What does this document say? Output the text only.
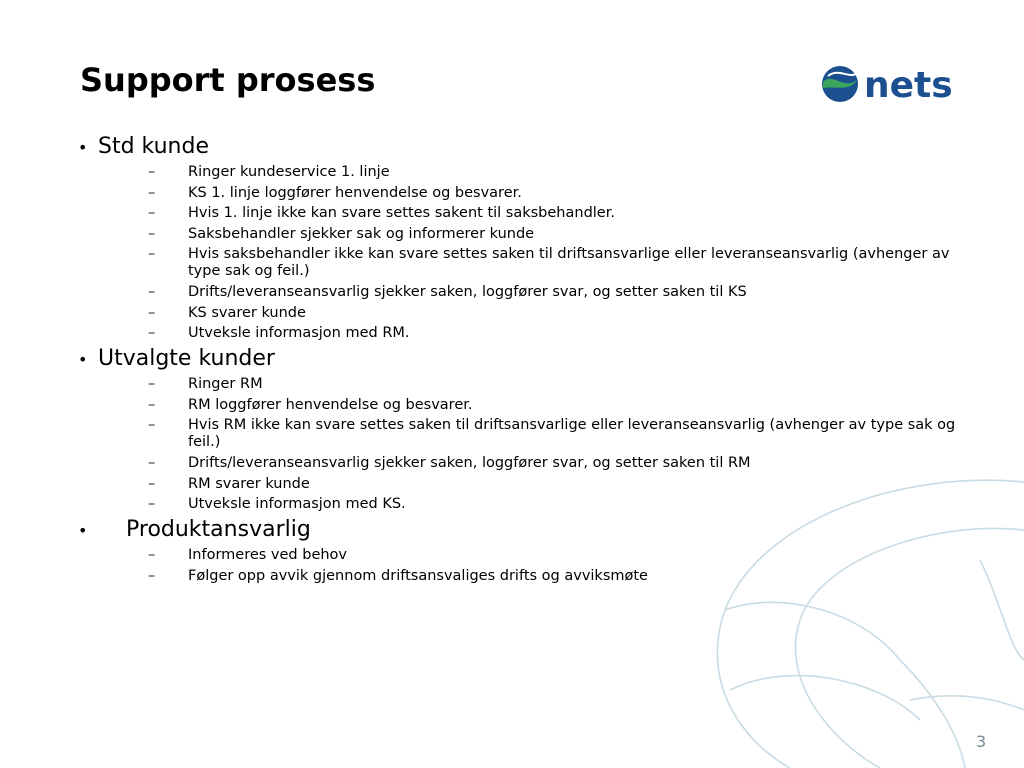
Support prosess	nets
• Std kunde
–	Ringer kundeservice 1. linje
–	KS 1. linje loggfører henvendelse og besvarer.
–	Hvis 1. linje ikke kan svare settes sakent til saksbehandler.
–	Saksbehandler sjekker sak og informerer kunde
–	Hvis saksbehandler ikke kan svare settes saken til driftsansvarlige eller leveranseansvarlig (avhenger av type sak og feil.)
–	Drifts/leveranseansvarlig sjekker saken, loggfører svar, og setter saken til KS
–	KS svarer kunde
–	Utveksle informasjon med RM.
• Utvalgte kunder
–	Ringer RM
–	RM loggfører henvendelse og besvarer.
–	Hvis RM ikke kan svare settes saken til driftsansvarlige eller leveranseansvarlig (avhenger av type sak og feil.)
–	Drifts/leveranseansvarlig sjekker saken, loggfører svar, og setter saken til RM
–	RM svarer kunde
–	Utveksle informasjon med KS.
•	Produktansvarlig
–	Informeres ved behov
–	Følger opp avvik gjennom driftsansvaliges drifts og avviksmøte
3
